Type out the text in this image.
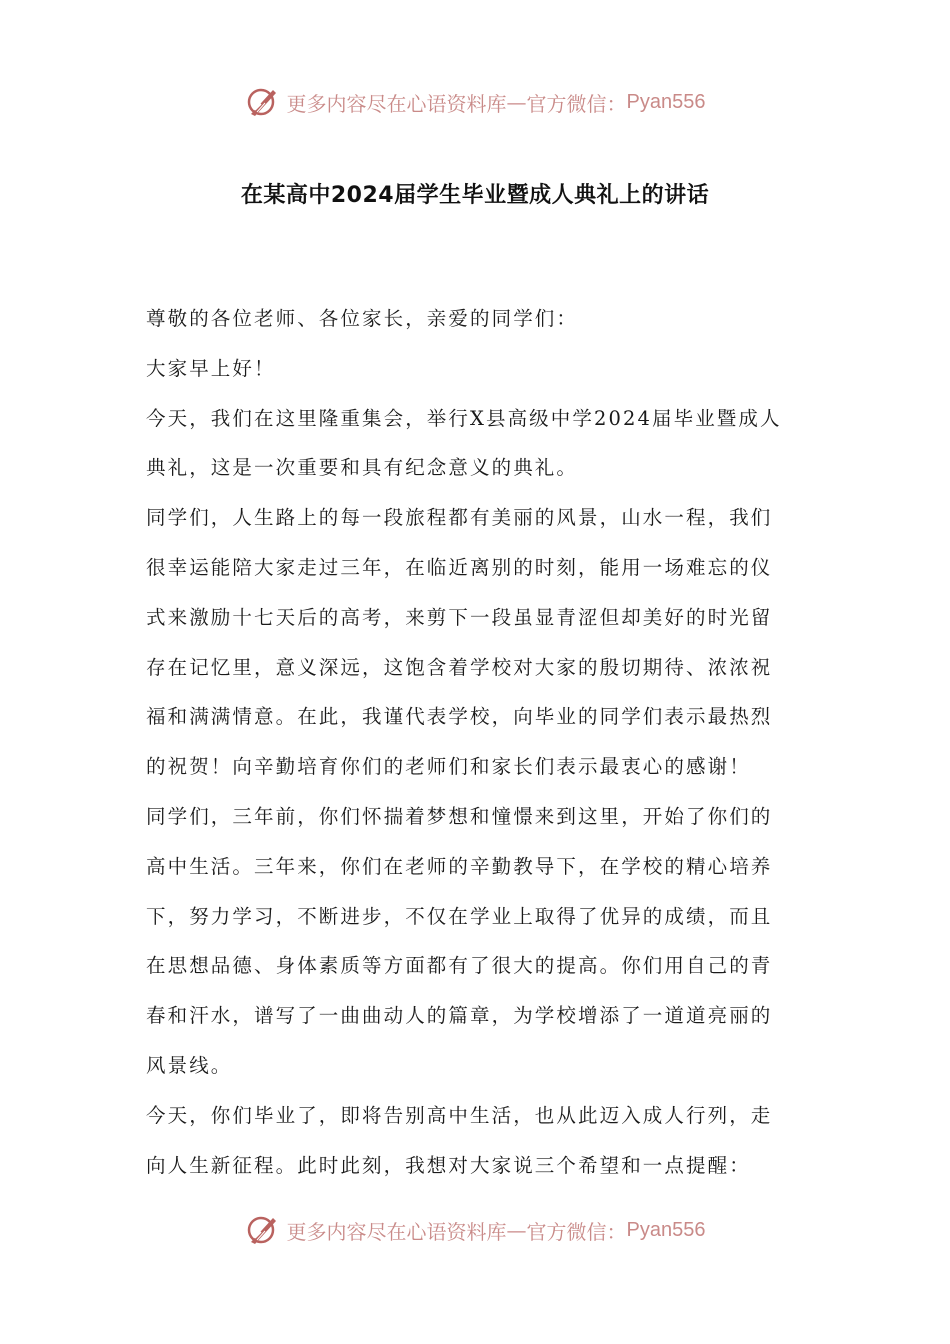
更多内容尽在心语资料库 — 官方微信： Pyan556
在某高中2024届学生毕业暨成人典礼上的讲话
尊敬的各位老师、各位家长，亲爱的同学们：
大家早上好！
今天，我们在这里隆重集会，举行X县高级中学2024届毕业暨成人
典礼，这是一次重要和具有纪念意义的典礼。
同学们，人生路上的每一段旅程都有美丽的风景，山水一程，我们
很幸运能陪大家走过三年，在临近离别的时刻，能用一场难忘的仪
式来激励十七天后的高考，来剪下一段虽显青涩但却美好的时光留
存在记忆里，意义深远，这饱含着学校对大家的殷切期待、浓浓祝
福和满满情意。在此，我谨代表学校，向毕业的同学们表示最热烈
的祝贺！向辛勤培育你们的老师们和家长们表示最衷心的感谢！
同学们，三年前，你们怀揣着梦想和憧憬来到这里，开始了你们的
高中生活。三年来，你们在老师的辛勤教导下，在学校的精心培养
下，努力学习，不断进步，不仅在学业上取得了优异的成绩，而且
在思想品德、身体素质等方面都有了很大的提高。你们用自己的青
春和汗水，谱写了一曲曲动人的篇章，为学校增添了一道道亮丽的
风景线。
今天，你们毕业了，即将告别高中生活，也从此迈入成人行列，走
向人生新征程。此时此刻，我想对大家说三个希望和一点提醒：
更多内容尽在心语资料库 — 官方微信： Pyan556
